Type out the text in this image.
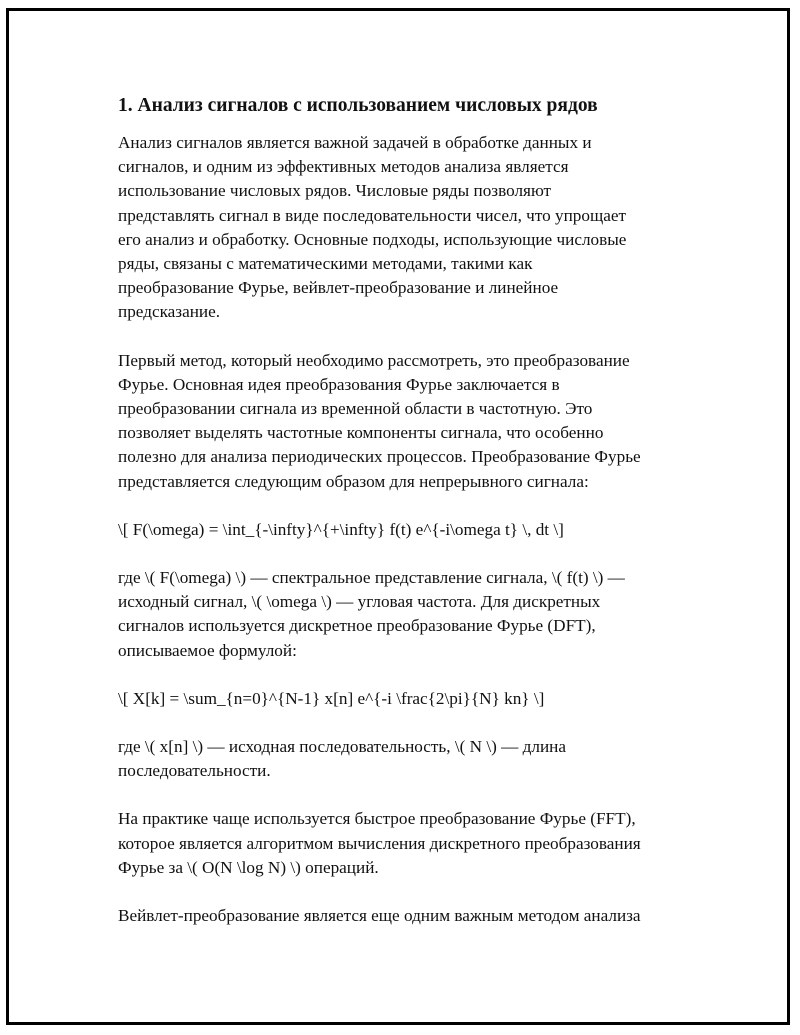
1. Анализ сигналов с использованием числовых рядов

Анализ сигналов является важной задачей в обработке данных и
сигналов, и одним из эффективных методов анализа является
использование числовых рядов. Числовые ряды позволяют
представлять сигнал в виде последовательности чисел, что упрощает
его анализ и обработку. Основные подходы, использующие числовые
ряды, связаны с математическими методами, такими как
преобразование Фурье, вейвлет-преобразование и линейное
предсказание.

Первый метод, который необходимо рассмотреть, это преобразование
Фурье. Основная идея преобразования Фурье заключается в
преобразовании сигнала из временной области в частотную. Это
позволяет выделять частотные компоненты сигнала, что особенно
полезно для анализа периодических процессов. Преобразование Фурье
представляется следующим образом для непрерывного сигнала:

\[ F(\omega) = \int_{-\infty}^{+\infty} f(t) e^{-i\omega t} \, dt \]

где \( F(\omega) \) — спектральное представление сигнала, \( f(t) \) —
исходный сигнал, \( \omega \) — угловая частота. Для дискретных
сигналов используется дискретное преобразование Фурье (DFT),
описываемое формулой:

\[ X[k] = \sum_{n=0}^{N-1} x[n] e^{-i \frac{2\pi}{N} kn} \]

где \( x[n] \) — исходная последовательность, \( N \) — длина
последовательности.

На практике чаще используется быстрое преобразование Фурье (FFT),
которое является алгоритмом вычисления дискретного преобразования
Фурье за \( O(N \log N) \) операций.

Вейвлет-преобразование является еще одним важным методом анализа
